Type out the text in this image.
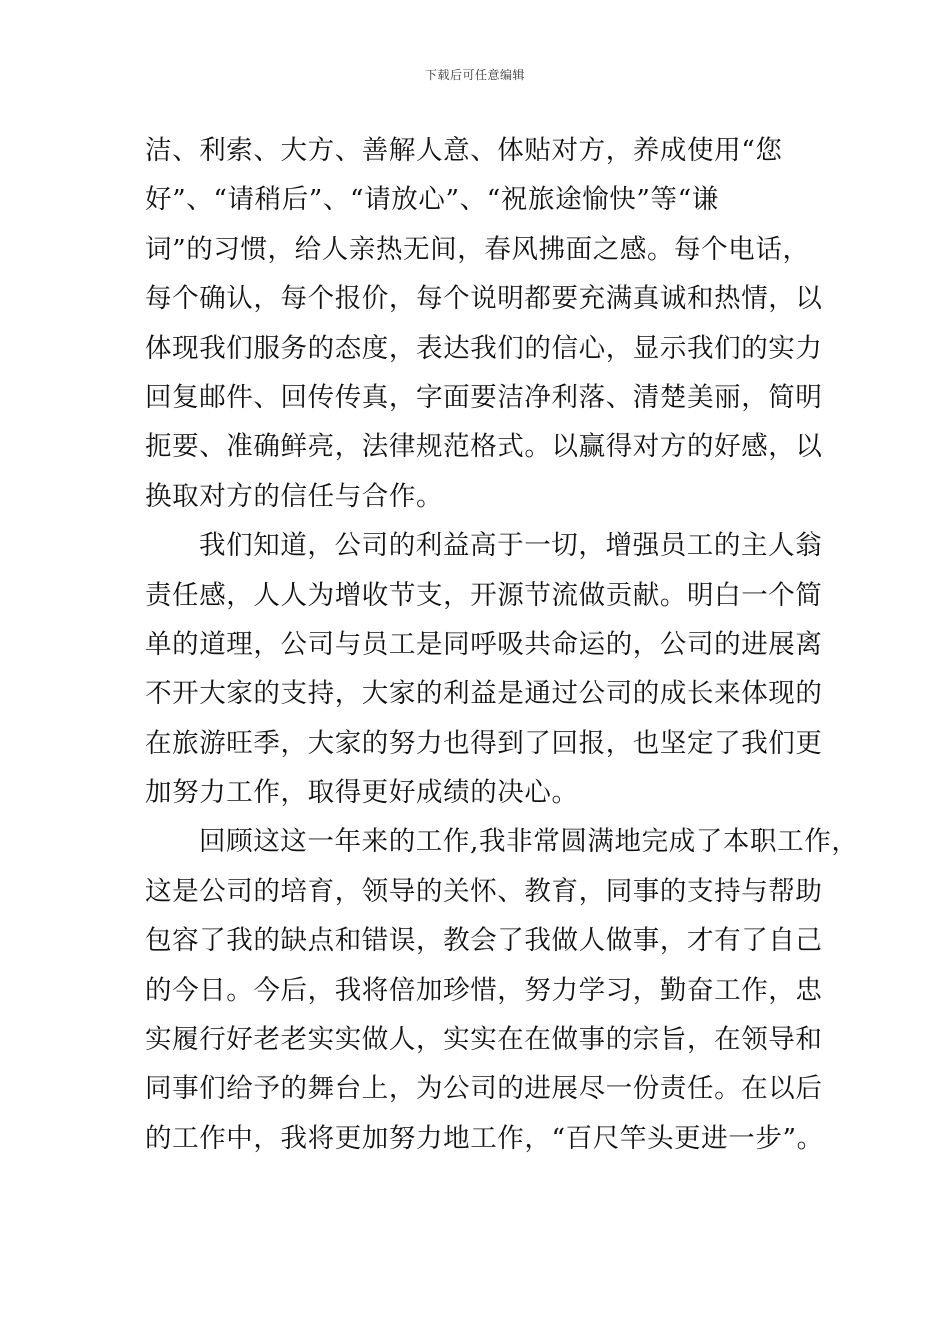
下载后可任意编辑
洁、利索、大方、善解人意、体贴对方，养成使用“您
好”、“请稍后”、“请放心”、“祝旅途愉快”等“谦
词”的习惯，给人亲热无间，春风拂面之感。每个电话，
每个确认，每个报价，每个说明都要充满真诚和热情，以
体现我们服务的态度，表达我们的信心，显示我们的实力
回复邮件、回传传真，字面要洁净利落、清楚美丽，简明
扼要、准确鲜亮，法律规范格式。以赢得对方的好感，以
换取对方的信任与合作。
我们知道，公司的利益高于一切，增强员工的主人翁
责任感，人人为增收节支，开源节流做贡献。明白一个简
单的道理，公司与员工是同呼吸共命运的，公司的进展离
不开大家的支持，大家的利益是通过公司的成长来体现的
在旅游旺季，大家的努力也得到了回报，也坚定了我们更
加努力工作，取得更好成绩的决心。
回顾这这一年来的工作,我非常圆满地完成了本职工作，
这是公司的培育，领导的关怀、教育，同事的支持与帮助
包容了我的缺点和错误，教会了我做人做事，才有了自己
的今日。今后，我将倍加珍惜，努力学习，勤奋工作，忠
实履行好老老实实做人，实实在在做事的宗旨，在领导和
同事们给予的舞台上，为公司的进展尽一份责任。在以后
的工作中，我将更加努力地工作，“百尺竿头更进一步”。
